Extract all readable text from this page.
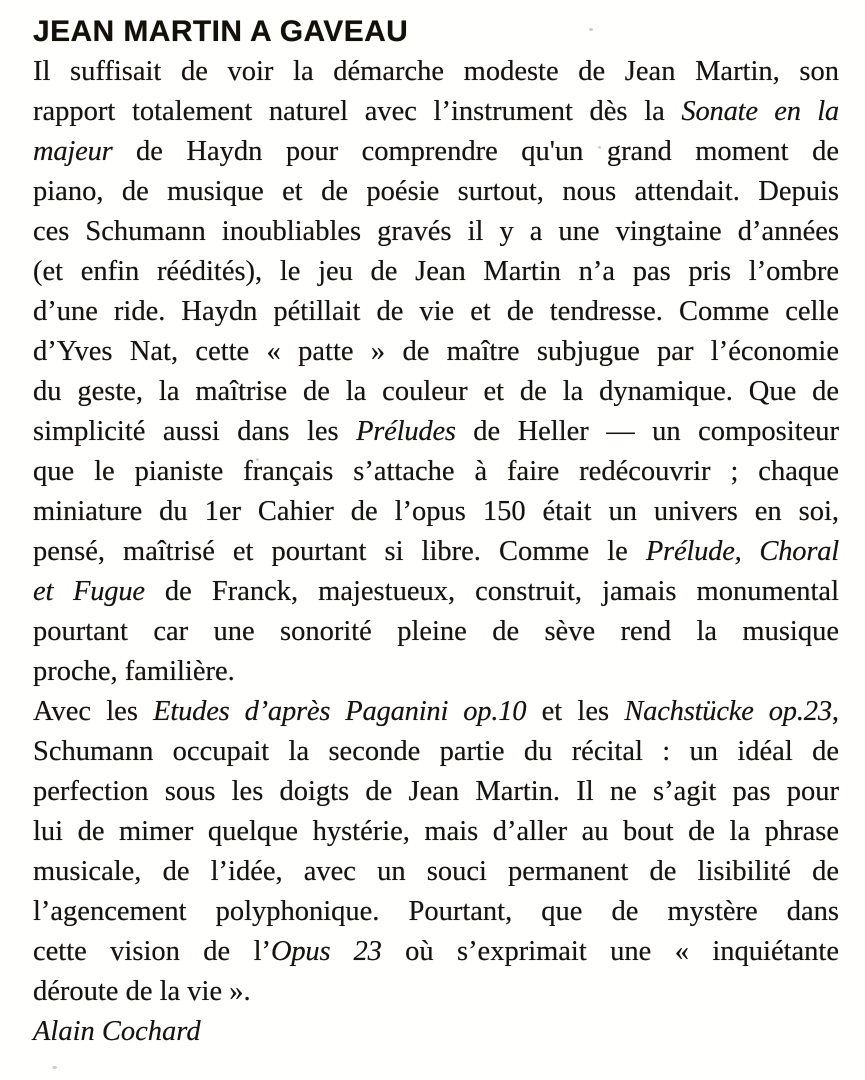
JEAN MARTIN A GAVEAU
Il suffisait de voir la démarche modeste de Jean Martin, son
rapport totalement naturel avec l’instrument dès la Sonate en la
majeur de Haydn pour comprendre qu'un grand moment de
piano, de musique et de poésie surtout, nous attendait. Depuis
ces Schumann inoubliables gravés il y a une vingtaine d’années
(et enfin réédités), le jeu de Jean Martin n’a pas pris l’ombre
d’une ride. Haydn pétillait de vie et de tendresse. Comme celle
d’Yves Nat, cette « patte » de maître subjugue par l’économie
du geste, la maîtrise de la couleur et de la dynamique. Que de
simplicité aussi dans les Préludes de Heller — un compositeur
que le pianiste français s’attache à faire redécouvrir ; chaque
miniature du 1er Cahier de l’opus 150 était un univers en soi,
pensé, maîtrisé et pourtant si libre. Comme le Prélude, Choral
et Fugue de Franck, majestueux, construit, jamais monumental
pourtant car une sonorité pleine de sève rend la musique
proche, familière.
Avec les Etudes d’après Paganini op.10 et les Nachstücke op.23,
Schumann occupait la seconde partie du récital : un idéal de
perfection sous les doigts de Jean Martin. Il ne s’agit pas pour
lui de mimer quelque hystérie, mais d’aller au bout de la phrase
musicale, de l’idée, avec un souci permanent de lisibilité de
l’agencement polyphonique. Pourtant, que de mystère dans
cette vision de l’Opus 23 où s’exprimait une « inquiétante
déroute de la vie ».
Alain Cochard
